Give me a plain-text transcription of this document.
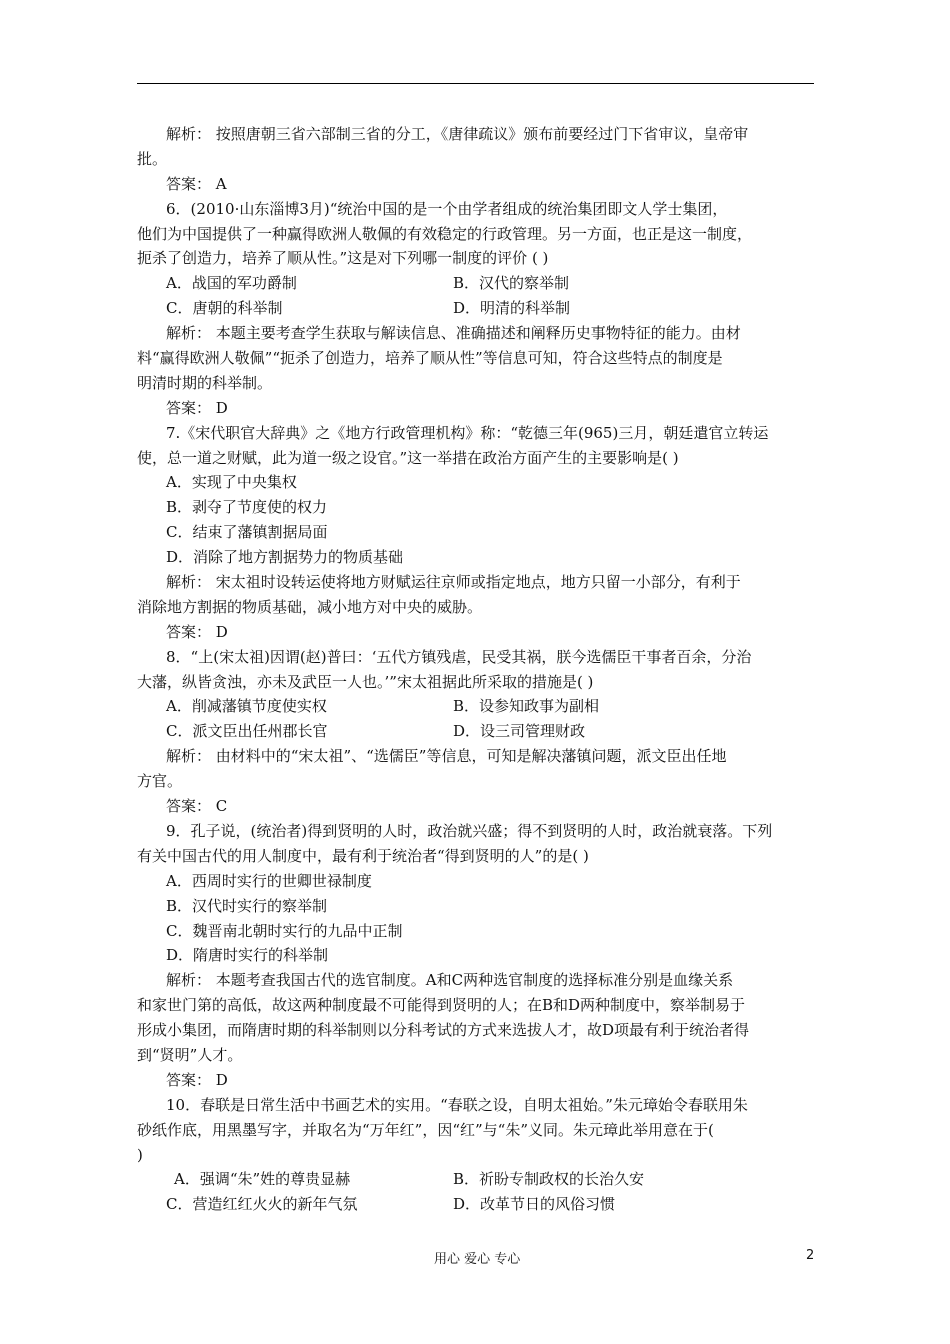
解析： 按照唐朝三省六部制三省的分工，《唐律疏议》颁布前要经过门下省审议，皇帝审
批。
答案： A
6．(2010·山东淄博3月)“统治中国的是一个由学者组成的统治集团即文人学士集团，
他们为中国提供了一种赢得欧洲人敬佩的有效稳定的行政管理。另一方面，也正是这一制度，
扼杀了创造力，培养了顺从性。”这是对下列哪一制度的评价 ( )
A．战国的军功爵制	B．汉代的察举制
C．唐朝的科举制	D．明清的科举制
解析： 本题主要考查学生获取与解读信息、准确描述和阐释历史事物特征的能力。由材
料“赢得欧洲人敬佩”“扼杀了创造力，培养了顺从性”等信息可知，符合这些特点的制度是
明清时期的科举制。
答案： D
7.《宋代职官大辞典》之《地方行政管理机构》称：“乾德三年(965)三月，朝廷遣官立转运
使，总一道之财赋，此为道一级之设官。”这一举措在政治方面产生的主要影响是( )
A．实现了中央集权
B．剥夺了节度使的权力
C．结束了藩镇割据局面
D．消除了地方割据势力的物质基础
解析： 宋太祖时设转运使将地方财赋运往京师或指定地点，地方只留一小部分，有利于
消除地方割据的物质基础，减小地方对中央的威胁。
答案： D
8．“上(宋太祖)因谓(赵)普曰：‘五代方镇残虐，民受其祸，朕今选儒臣干事者百余，分治
大藩，纵皆贪浊，亦未及武臣一人也。’”宋太祖据此所采取的措施是( )
A．削减藩镇节度使实权	B．设参知政事为副相
C．派文臣出任州郡长官	D．设三司管理财政
解析： 由材料中的“宋太祖”、“选儒臣”等信息，可知是解决藩镇问题，派文臣出任地
方官。
答案： C
9．孔子说，(统治者)得到贤明的人时，政治就兴盛；得不到贤明的人时，政治就衰落。下列
有关中国古代的用人制度中，最有利于统治者“得到贤明的人”的是( )
A．西周时实行的世卿世禄制度
B．汉代时实行的察举制
C．魏晋南北朝时实行的九品中正制
D．隋唐时实行的科举制
解析： 本题考查我国古代的选官制度。A和C两种选官制度的选择标准分别是血缘关系
和家世门第的高低，故这两种制度最不可能得到贤明的人；在B和D两种制度中，察举制易于
形成小集团，而隋唐时期的科举制则以分科考试的方式来选拔人才，故D项最有利于统治者得
到“贤明”人才。
答案： D
10．春联是日常生活中书画艺术的实用。“春联之设，自明太祖始。”朱元璋始令春联用朱
砂纸作底，用黑墨写字，并取名为“万年红”，因“红”与“朱”义同。朱元璋此举用意在于(
)
A．强调“朱”姓的尊贵显赫	B．祈盼专制政权的长治久安
C．营造红红火火的新年气氛	D．改革节日的风俗习惯
用心 爱心 专心	2
